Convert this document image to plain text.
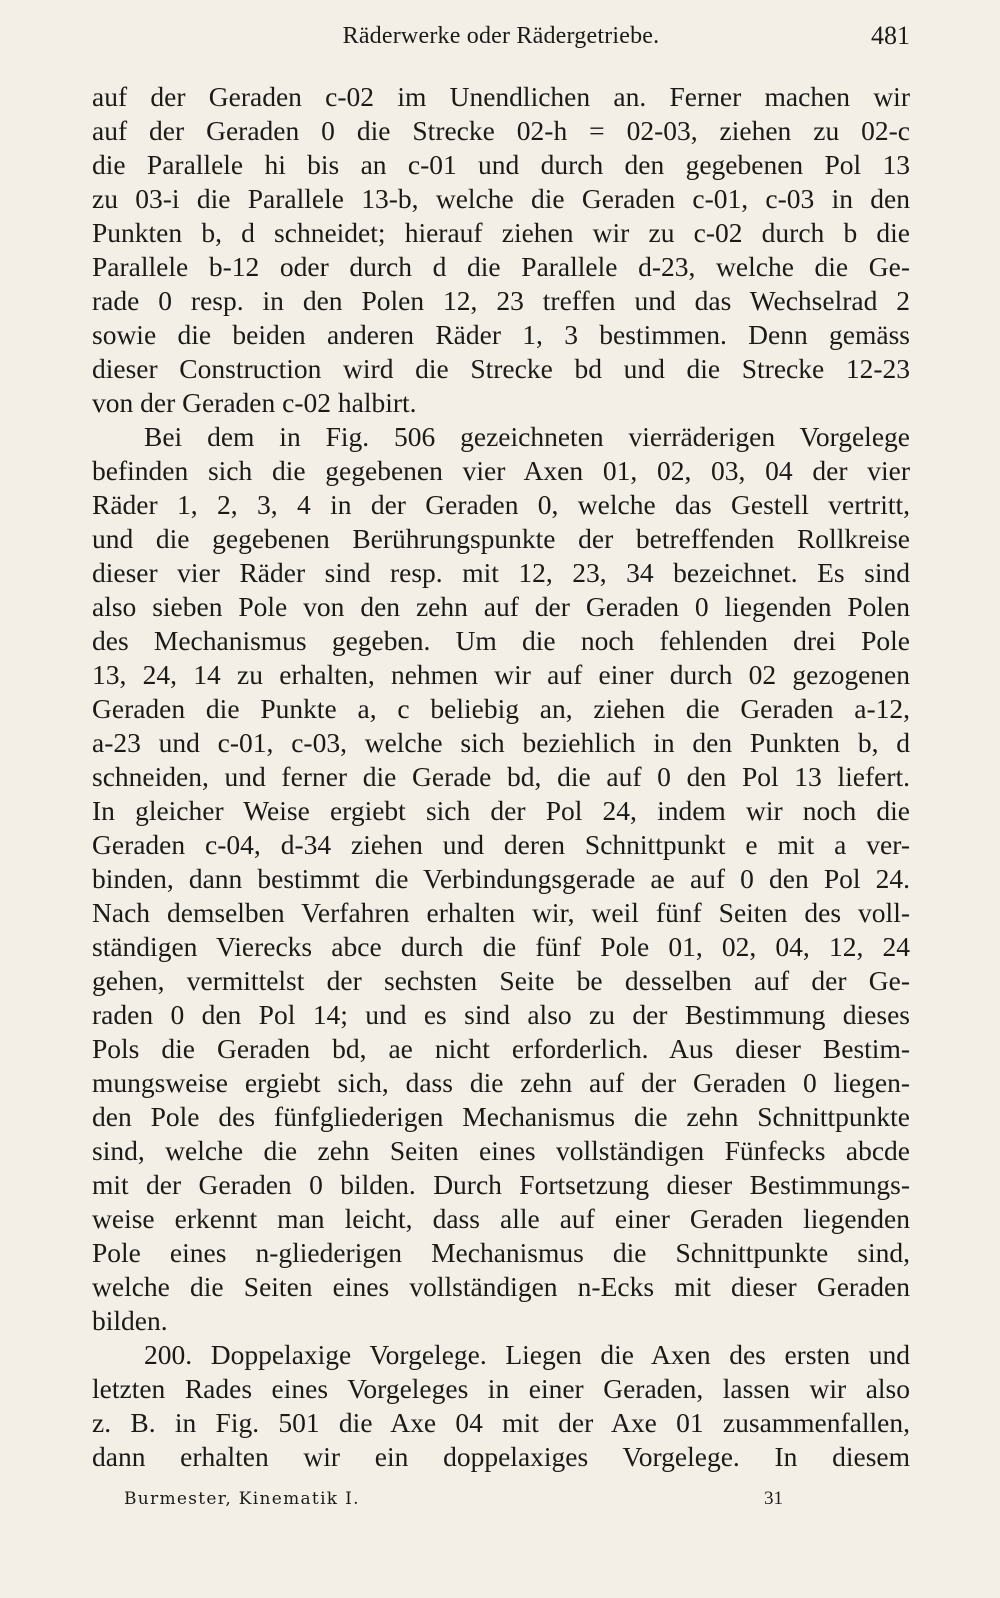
Räderwerke oder Rädergetriebe.	481
auf der Geraden c-02 im Unendlichen an. Ferner machen wir
auf der Geraden 0 die Strecke 02-h = 02-03, ziehen zu 02-c
die Parallele hi bis an c-01 und durch den gegebenen Pol 13
zu 03-i die Parallele 13-b, welche die Geraden c-01, c-03 in den
Punkten b, d schneidet; hierauf ziehen wir zu c-02 durch b die
Parallele b-12 oder durch d die Parallele d-23, welche die Ge-
rade 0 resp. in den Polen 12, 23 treffen und das Wechselrad 2
sowie die beiden anderen Räder 1, 3 bestimmen. Denn gemäss
dieser Construction wird die Strecke bd und die Strecke 12-23
von der Geraden c-02 halbirt.
Bei dem in Fig. 506 gezeichneten vierräderigen Vorgelege
befinden sich die gegebenen vier Axen 01, 02, 03, 04 der vier
Räder 1, 2, 3, 4 in der Geraden 0, welche das Gestell vertritt,
und die gegebenen Berührungspunkte der betreffenden Rollkreise
dieser vier Räder sind resp. mit 12, 23, 34 bezeichnet. Es sind
also sieben Pole von den zehn auf der Geraden 0 liegenden Polen
des Mechanismus gegeben. Um die noch fehlenden drei Pole
13, 24, 14 zu erhalten, nehmen wir auf einer durch 02 gezogenen
Geraden die Punkte a, c beliebig an, ziehen die Geraden a-12,
a-23 und c-01, c-03, welche sich beziehlich in den Punkten b, d
schneiden, und ferner die Gerade bd, die auf 0 den Pol 13 liefert.
In gleicher Weise ergiebt sich der Pol 24, indem wir noch die
Geraden c-04, d-34 ziehen und deren Schnittpunkt e mit a ver-
binden, dann bestimmt die Verbindungsgerade ae auf 0 den Pol 24.
Nach demselben Verfahren erhalten wir, weil fünf Seiten des voll-
ständigen Vierecks abce durch die fünf Pole 01, 02, 04, 12, 24
gehen, vermittelst der sechsten Seite be desselben auf der Ge-
raden 0 den Pol 14; und es sind also zu der Bestimmung dieses
Pols die Geraden bd, ae nicht erforderlich. Aus dieser Bestim-
mungsweise ergiebt sich, dass die zehn auf der Geraden 0 liegen-
den Pole des fünfgliederigen Mechanismus die zehn Schnittpunkte
sind, welche die zehn Seiten eines vollständigen Fünfecks abcde
mit der Geraden 0 bilden. Durch Fortsetzung dieser Bestimmungs-
weise erkennt man leicht, dass alle auf einer Geraden liegenden
Pole eines n-gliederigen Mechanismus die Schnittpunkte sind,
welche die Seiten eines vollständigen n-Ecks mit dieser Geraden
bilden.
200. Doppelaxige Vorgelege. Liegen die Axen des ersten und
letzten Rades eines Vorgeleges in einer Geraden, lassen wir also
z. B. in Fig. 501 die Axe 04 mit der Axe 01 zusammenfallen,
dann erhalten wir ein doppelaxiges Vorgelege. In diesem
Burmester, Kinematik I.	31
